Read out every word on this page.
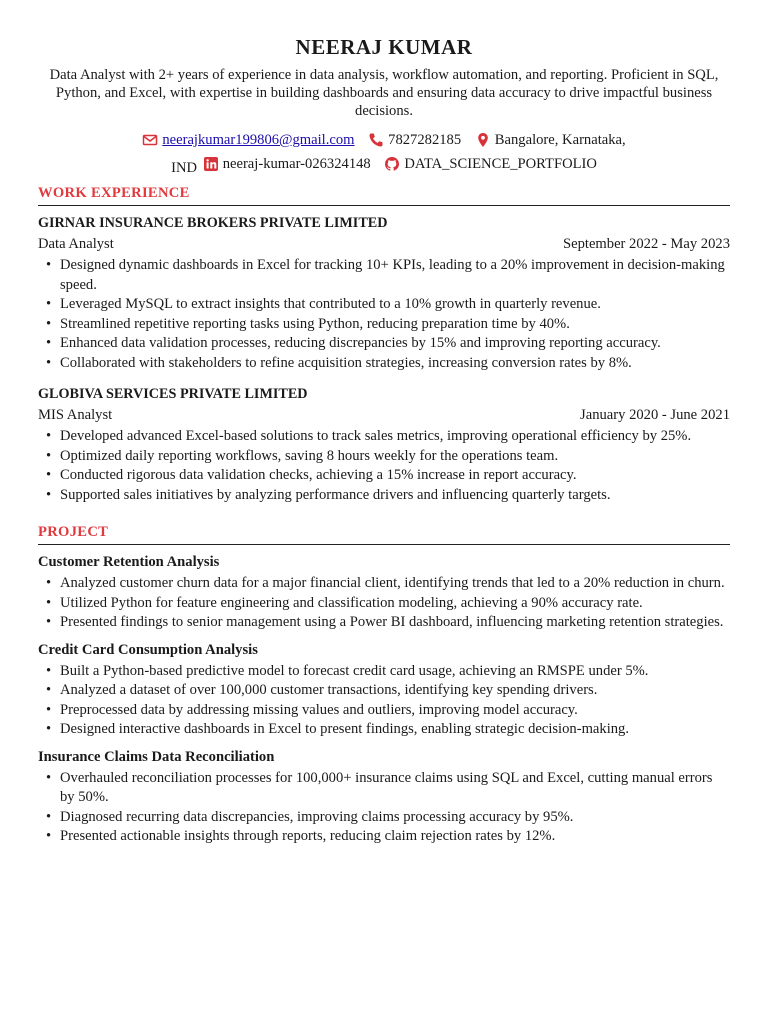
NEERAJ KUMAR
Data Analyst with 2+ years of experience in data analysis, workflow automation, and reporting. Proficient in SQL, Python, and Excel, with expertise in building dashboards and ensuring data accuracy to drive impactful business decisions.
neerajkumar199806@gmail.com
7827282185
Bangalore, Karnataka,
IND
neeraj-kumar-026324148
DATA_SCIENCE_PORTFOLIO
WORK EXPERIENCE
GIRNAR INSURANCE BROKERS PRIVATE LIMITED
Data Analyst	September 2022 - May 2023
• Designed dynamic dashboards in Excel for tracking 10+ KPIs, leading to a 20% improvement in decision-making speed.
• Leveraged MySQL to extract insights that contributed to a 10% growth in quarterly revenue.
• Streamlined repetitive reporting tasks using Python, reducing preparation time by 40%.
• Enhanced data validation processes, reducing discrepancies by 15% and improving reporting accuracy.
• Collaborated with stakeholders to refine acquisition strategies, increasing conversion rates by 8%.
GLOBIVA SERVICES PRIVATE LIMITED
MIS Analyst	January 2020 - June 2021
• Developed advanced Excel-based solutions to track sales metrics, improving operational efficiency by 25%.
• Optimized daily reporting workflows, saving 8 hours weekly for the operations team.
• Conducted rigorous data validation checks, achieving a 15% increase in report accuracy.
• Supported sales initiatives by analyzing performance drivers and influencing quarterly targets.
PROJECT
Customer Retention Analysis
• Analyzed customer churn data for a major financial client, identifying trends that led to a 20% reduction in churn.
• Utilized Python for feature engineering and classification modeling, achieving a 90% accuracy rate.
• Presented findings to senior management using a Power BI dashboard, influencing marketing retention strategies.
Credit Card Consumption Analysis
• Built a Python-based predictive model to forecast credit card usage, achieving an RMSPE under 5%.
• Analyzed a dataset of over 100,000 customer transactions, identifying key spending drivers.
• Preprocessed data by addressing missing values and outliers, improving model accuracy.
• Designed interactive dashboards in Excel to present findings, enabling strategic decision-making.
Insurance Claims Data Reconciliation
• Overhauled reconciliation processes for 100,000+ insurance claims using SQL and Excel, cutting manual errors by 50%.
• Diagnosed recurring data discrepancies, improving claims processing accuracy by 95%.
• Presented actionable insights through reports, reducing claim rejection rates by 12%.
